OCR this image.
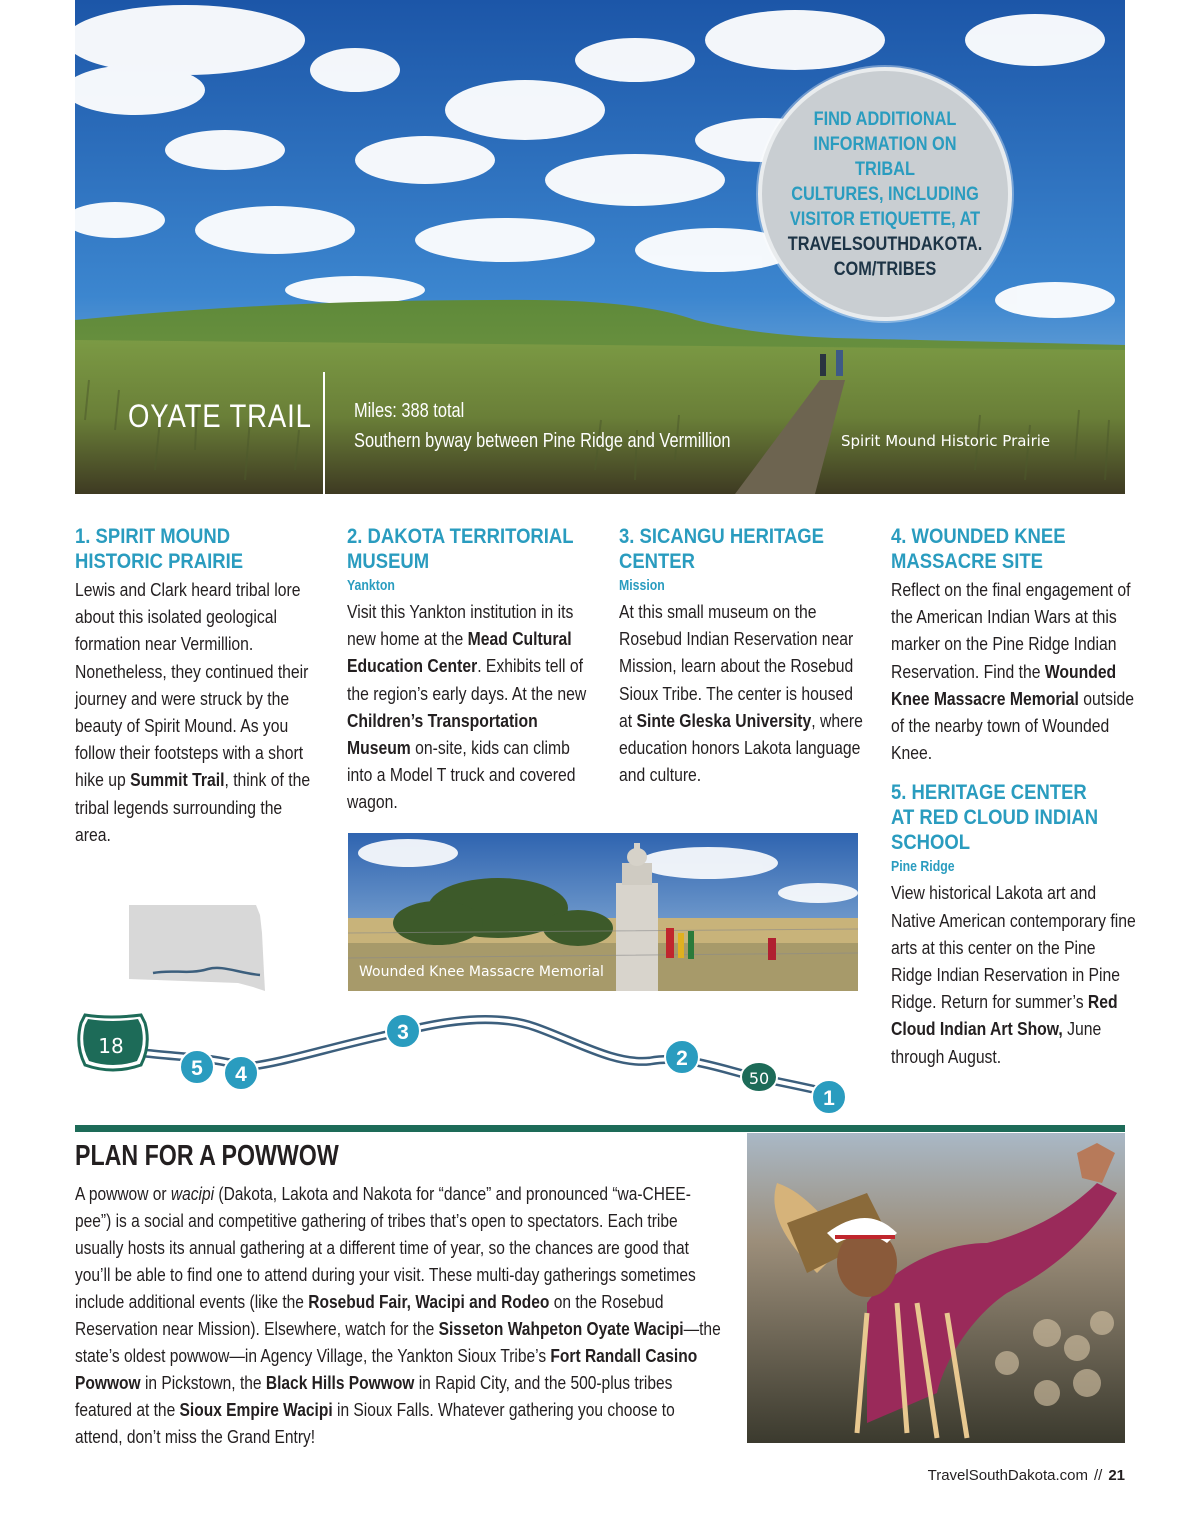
OYATE TRAIL Miles: 388 total
Southern byway between Pine Ridge and Vermillion	Spirit Mound Historic Prairie
FIND ADDITIONAL
INFORMATION ON TRIBAL
CULTURES, INCLUDING
VISITOR ETIQUETTE, AT
TRAVELSOUTHDAKOTA.
COM/TRIBES
1. SPIRIT MOUND
HISTORIC PRAIRIE

Lewis and Clark heard tribal lore about this isolated geological formation near Vermillion. Nonetheless, they continued their journey and were struck by the beauty of Spirit Mound. As you follow their footsteps with a short hike up Summit Trail, think of the tribal legends surrounding the area.

2. DAKOTA TERRITORIAL
MUSEUM
Yankton

Visit this Yankton institution in its new home at the Mead Cultural Education Center. Exhibits tell of the region’s early days. At the new Children’s Transportation Museum on-site, kids can climb into a Model T truck and covered wagon.

3. SICANGU HERITAGE
CENTER
Mission

At this small museum on the Rosebud Indian Reservation near Mission, learn about the Rosebud Sioux Tribe. The center is housed at Sinte Gleska University, where education honors Lakota language and culture.

4. WOUNDED KNEE
MASSACRE SITE

Reflect on the final engagement of the American Indian Wars at this marker on the Pine Ridge Indian Reservation. Find the Wounded Knee Massacre Memorial outside of the nearby town of Wounded Knee.

5. HERITAGE CENTER
AT RED CLOUD INDIAN
SCHOOL
Pine Ridge

View historical Lakota art and Native American contemporary fine arts at this center on the Pine Ridge Indian Reservation in Pine Ridge. Return for summer’s Red Cloud Indian Art Show, June through August.

Wounded Knee Massacre Memorial
18
50
5 4
3
2
1
PLAN FOR A POWWOW
A powwow or wacipi (Dakota, Lakota and Nakota for “dance” and pronounced “wa-CHEE-pee”) is a social and competitive gathering of tribes that’s open to spectators. Each tribe usually hosts its annual gathering at a different time of year, so the chances are good that you’ll be able to find one to attend during your visit. These multi-day gatherings sometimes include additional events (like the Rosebud Fair, Wacipi and Rodeo on the Rosebud Reservation near Mission). Elsewhere, watch for the Sisseton Wahpeton Oyate Wacipi—the state’s oldest powwow—in Agency Village, the Yankton Sioux Tribe’s Fort Randall Casino Powwow in Pickstown, the Black Hills Powwow in Rapid City, and the 500-plus tribes featured at the Sioux Empire Wacipi in Sioux Falls. Whatever gathering you choose to attend, don’t miss the Grand Entry!
TravelSouthDakota.com // 21
